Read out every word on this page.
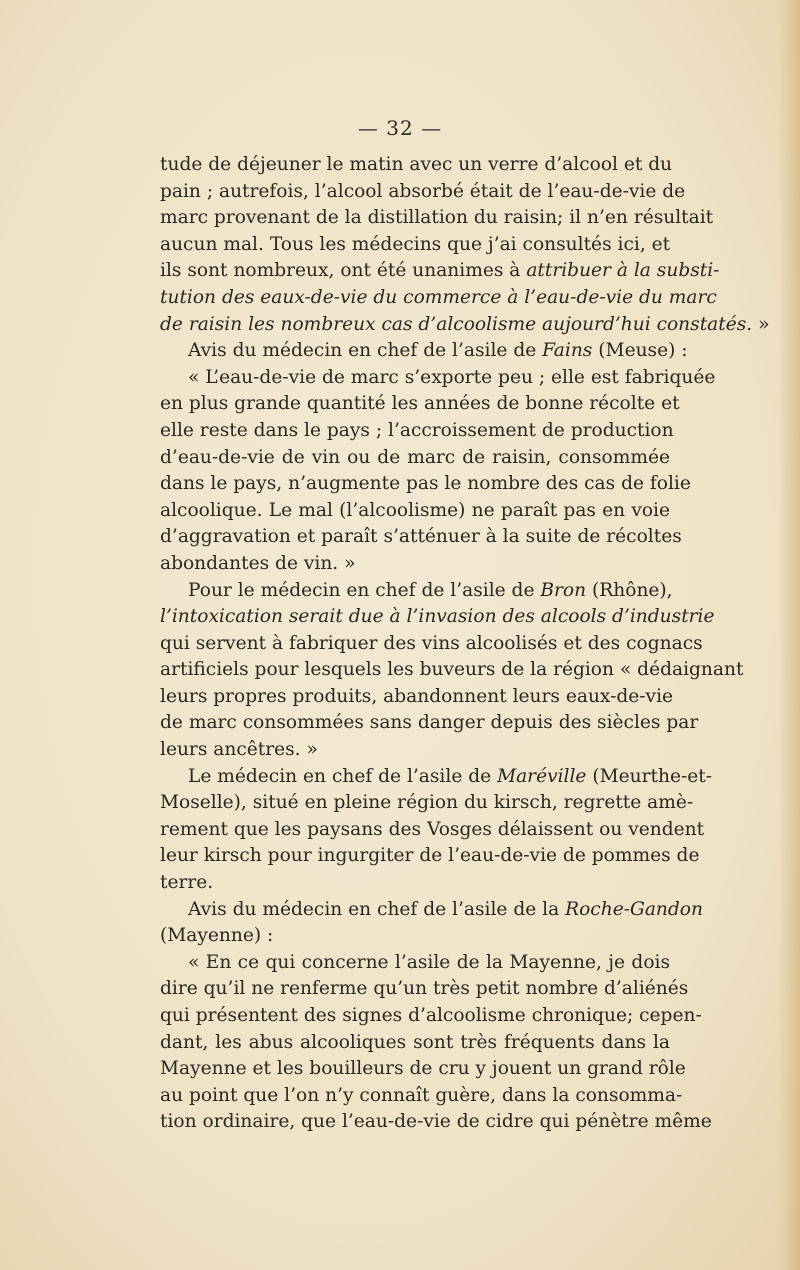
— 32 —

tude de déjeuner le matin avec un verre d’alcool et du
pain ; autrefois, l’alcool absorbé était de l’eau-de-vie de
marc provenant de la distillation du raisin; il n’en résultait
aucun mal. Tous les médecins que j’ai consultés ici, et
ils sont nombreux, ont été unanimes à attribuer à la substi-
tution des eaux-de-vie du commerce à l’eau-de-vie du marc
de raisin les nombreux cas d’alcoolisme aujourd’hui constatés.

Avis du médecin en chef de l’asile de Fains (Meuse) :

« L’eau-de-vie de marc s’exporte peu ; elle est fabriquée
en plus grande quantité les années de bonne récolte et
elle reste dans le pays ; l’accroissement de production
d’eau-de-vie de vin ou de marc de raisin, consommée
dans le pays, n’augmente pas le nombre des cas de folie
alcoolique. Le mal (l’alcoolisme) ne paraît pas en voie
d’aggravation et paraît s’atténuer à la suite de récoltes
abondantes de vin. »

Pour le médecin en chef de l’asile de Bron (Rhône),
l’intoxication serait due à l’invasion des alcools d’industrie
qui servent à fabriquer des vins alcoolisés et des cognacs
artificiels pour lesquels les buveurs de la région « dédaignant
leurs propres produits, abandonnent leurs eaux-de-vie
de marc consommées sans danger depuis des siècles par
leurs ancêtres. »

Le médecin en chef de l’asile de Maréville (Meurthe-et-
Moselle), situé en pleine région du kirsch, regrette amè-
rement que les paysans des Vosges délaissent ou vendent
leur kirsch pour ingurgiter de l’eau-de-vie de pommes de
terre.

Avis du médecin en chef de l’asile de la Roche-Gandon
(Mayenne) :

« En ce qui concerne l’asile de la Mayenne, je dois
dire qu’il ne renferme qu’un très petit nombre d’aliénés
qui présentent des signes d’alcoolisme chronique; cepen-
dant, les abus alcooliques sont très fréquents dans la
Mayenne et les bouilleurs de cru y jouent un grand rôle
au point que l’on n’y connaît guère, dans la consomma-
tion ordinaire, que l’eau-de-vie de cidre qui pénètre même
